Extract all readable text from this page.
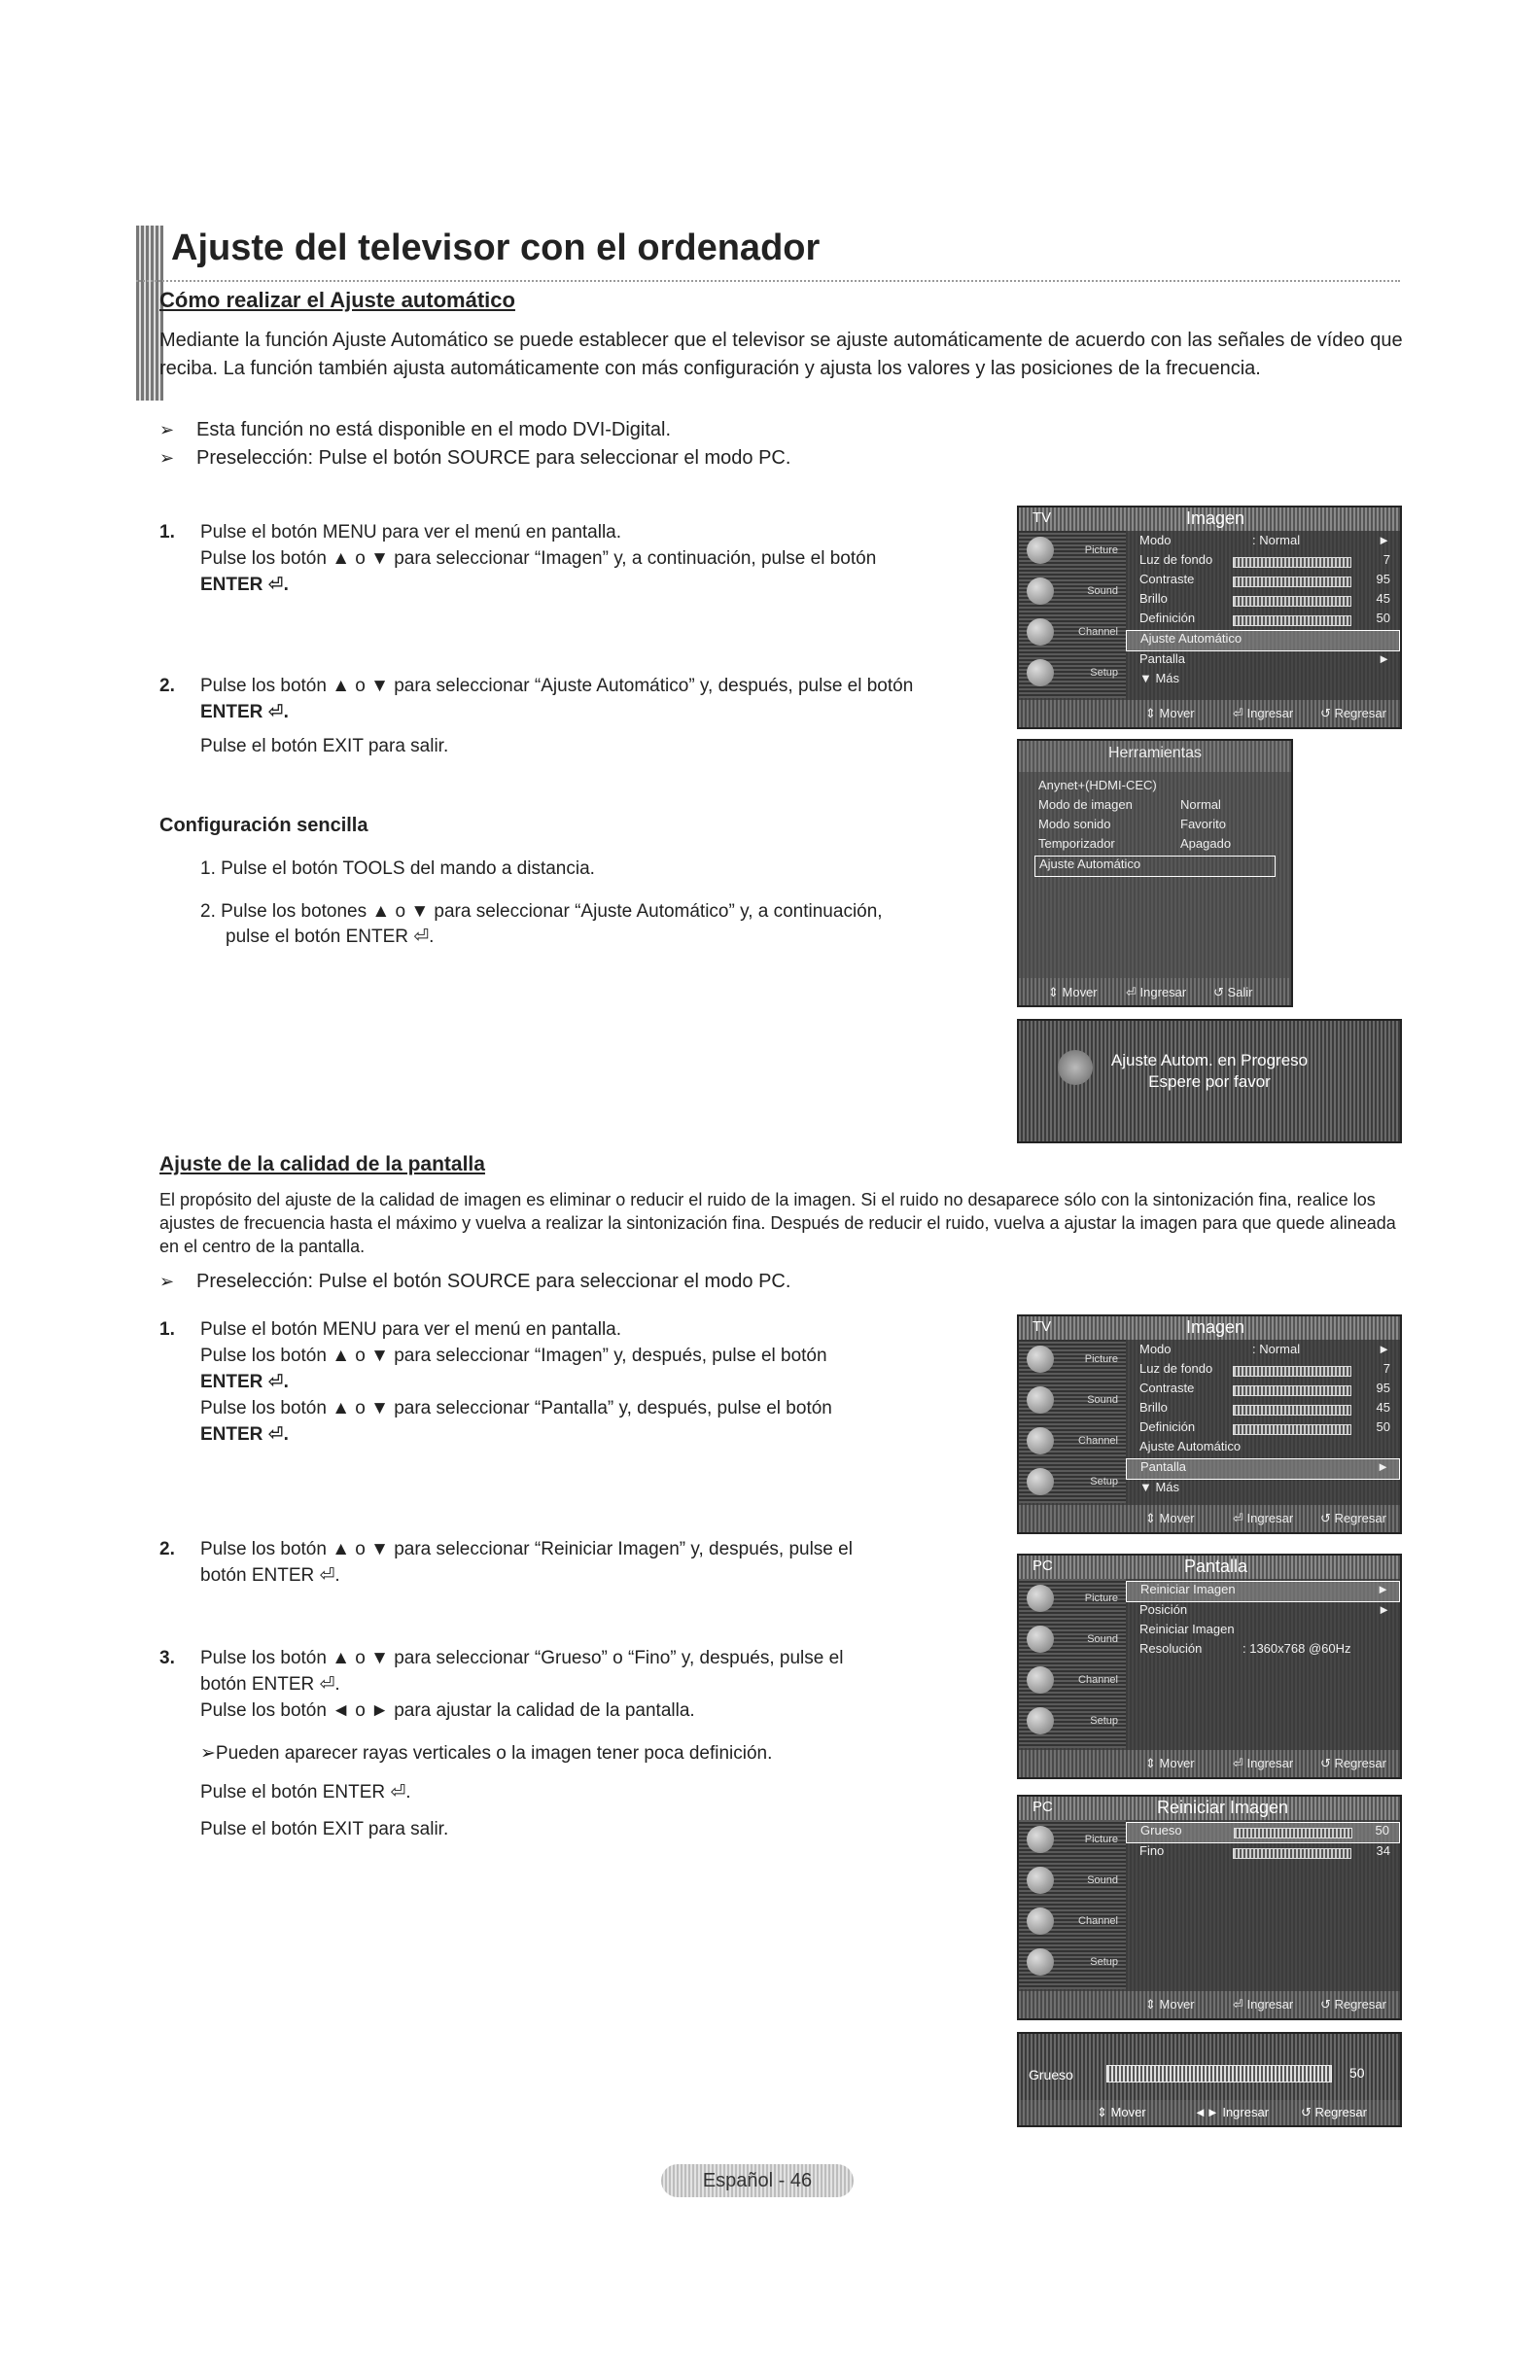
Ajuste del televisor con el ordenador
Cómo realizar el Ajuste automático
Mediante la función Ajuste Automático se puede establecer que el televisor se ajuste automáticamente de acuerdo con las señales de vídeo que reciba. La función también ajusta automáticamente con más configuración y ajusta los valores y las posiciones de la frecuencia.
➢ Esta función no está disponible en el modo DVI-Digital.
➢ Preselección: Pulse el botón SOURCE para seleccionar el modo PC.
1. Pulse el botón MENU para ver el menú en pantalla.
Pulse los botón ▲ o ▼ para seleccionar “Imagen” y, a continuación, pulse el botón
ENTER ⏎.
2. Pulse los botón ▲ o ▼ para seleccionar “Ajuste Automático” y, después, pulse el botón
ENTER ⏎.
Pulse el botón EXIT para salir.
Configuración sencilla
1. Pulse el botón TOOLS del mando a distancia.
2. Pulse los botones ▲ o ▼ para seleccionar “Ajuste Automático” y, a continuación,
pulse el botón ENTER ⏎.
TV	Imagen
Picture
Sound
Channel
Setup
Modo	: Normal	►
Luz de fondo	7
Contraste	95
Brillo	45
Definición	50
Ajuste Automático
Pantalla	►
▼ Más
⇕ Mover	⏎ Ingresar ↺ Regresar
Herramientas
Anynet+(HDMI-CEC)
Modo de imagen	Normal
Modo sonido	Favorito
Temporizador	Apagado
Ajuste Automático
⇕ Mover ⏎ Ingresar ↺ Salir
Ajuste Autom. en Progreso
Espere por favor
Ajuste de la calidad de la pantalla
El propósito del ajuste de la calidad de imagen es eliminar o reducir el ruido de la imagen. Si el ruido no desaparece sólo con la sintonización fina, realice los ajustes de frecuencia hasta el máximo y vuelva a realizar la sintonización fina. Después de reducir el ruido, vuelva a ajustar la imagen para que quede alineada en el centro de la pantalla.
➢ Preselección: Pulse el botón SOURCE para seleccionar el modo PC.
1. Pulse el botón MENU para ver el menú en pantalla.
Pulse los botón ▲ o ▼ para seleccionar “Imagen” y, después, pulse el botón
ENTER ⏎.
Pulse los botón ▲ o ▼ para seleccionar “Pantalla” y, después, pulse el botón
ENTER ⏎.
2. Pulse los botón ▲ o ▼ para seleccionar “Reiniciar Imagen” y, después, pulse el
botón ENTER ⏎.
3. Pulse los botón ▲ o ▼ para seleccionar “Grueso” o “Fino” y, después, pulse el
botón ENTER ⏎.
Pulse los botón ◄ o ► para ajustar la calidad de la pantalla.
➢Pueden aparecer rayas verticales o la imagen tener poca definición.
Pulse el botón ENTER ⏎.
Pulse el botón EXIT para salir.
TV	Imagen
Picture
Sound
Channel
Setup
Modo	: Normal	►
Luz de fondo	7
Contraste	95
Brillo	45
Definición	50
Ajuste Automático
Pantalla	►
▼ Más
⇕ Mover	⏎ Ingresar ↺ Regresar
PC	Pantalla
Picture
Sound
Channel
Setup
Reiniciar Imagen	►
Posición	►
Reiniciar Imagen
Resolución	: 1360x768 @60Hz
⇕ Mover	⏎ Ingresar ↺ Regresar
PC	Reiniciar Imagen
Picture
Sound
Channel
Setup
Grueso	50
Fino	34
⇕ Mover	⏎ Ingresar ↺ Regresar
Grueso	50
⇕ Mover	◄► Ingresar	↺ Regresar
Español - 46
